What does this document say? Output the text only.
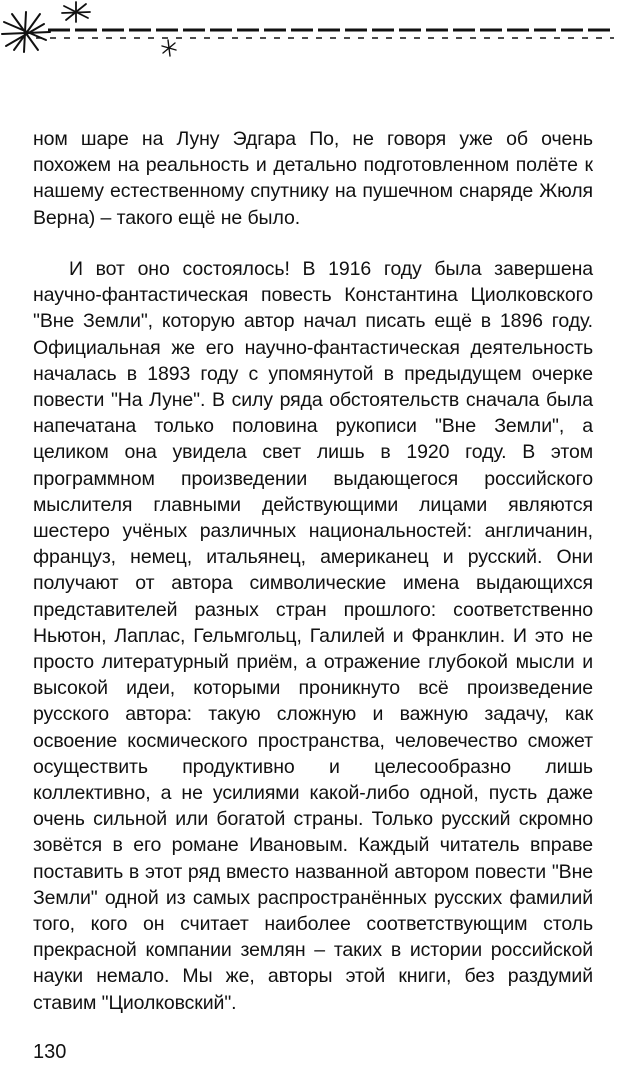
ном шаре на Луну Эдгара По, не говоря уже об очень похожем на реальность и детально подготовленном полёте к нашему естественному спутнику на пушечном снаряде Жюля Верна) – такого ещё не было.
И вот оно состоялось! В 1916 году была завершена научно-фантастическая повесть Константина Циолковского "Вне Земли", которую автор начал писать ещё в 1896 году. Официальная же его научно-фантастическая деятельность началась в 1893 году с упомянутой в предыдущем очерке повести "На Луне". В силу ряда обстоятельств сначала была напечатана только половина рукописи "Вне Земли", а целиком она увидела свет лишь в 1920 году. В этом программном произведении выдающегося российского мыслителя главными действующими лицами являются шестеро учёных различных национальностей: англичанин, француз, немец, итальянец, американец и русский. Они получают от автора символические имена выдающихся представителей разных стран прошлого: соответственно Ньютон, Лаплас, Гельмгольц, Галилей и Франклин. И это не просто литературный приём, а отражение глубокой мысли и высокой идеи, которыми проникнуто всё произведение русского автора: такую сложную и важную задачу, как освоение космического пространства, человечество сможет осуществить продуктивно и целесообразно лишь коллективно, а не усилиями какой-либо одной, пусть даже очень сильной или богатой страны. Только русский скромно зовётся в его романе Ивановым. Каждый читатель вправе поставить в этот ряд вместо названной автором повести "Вне Земли" одной из самых распространённых русских фамилий того, кого он считает наиболее соответствующим столь прекрасной компании землян – таких в истории российской науки немало. Мы же, авторы этой книги, без раздумий ставим "Циолковский".
130
